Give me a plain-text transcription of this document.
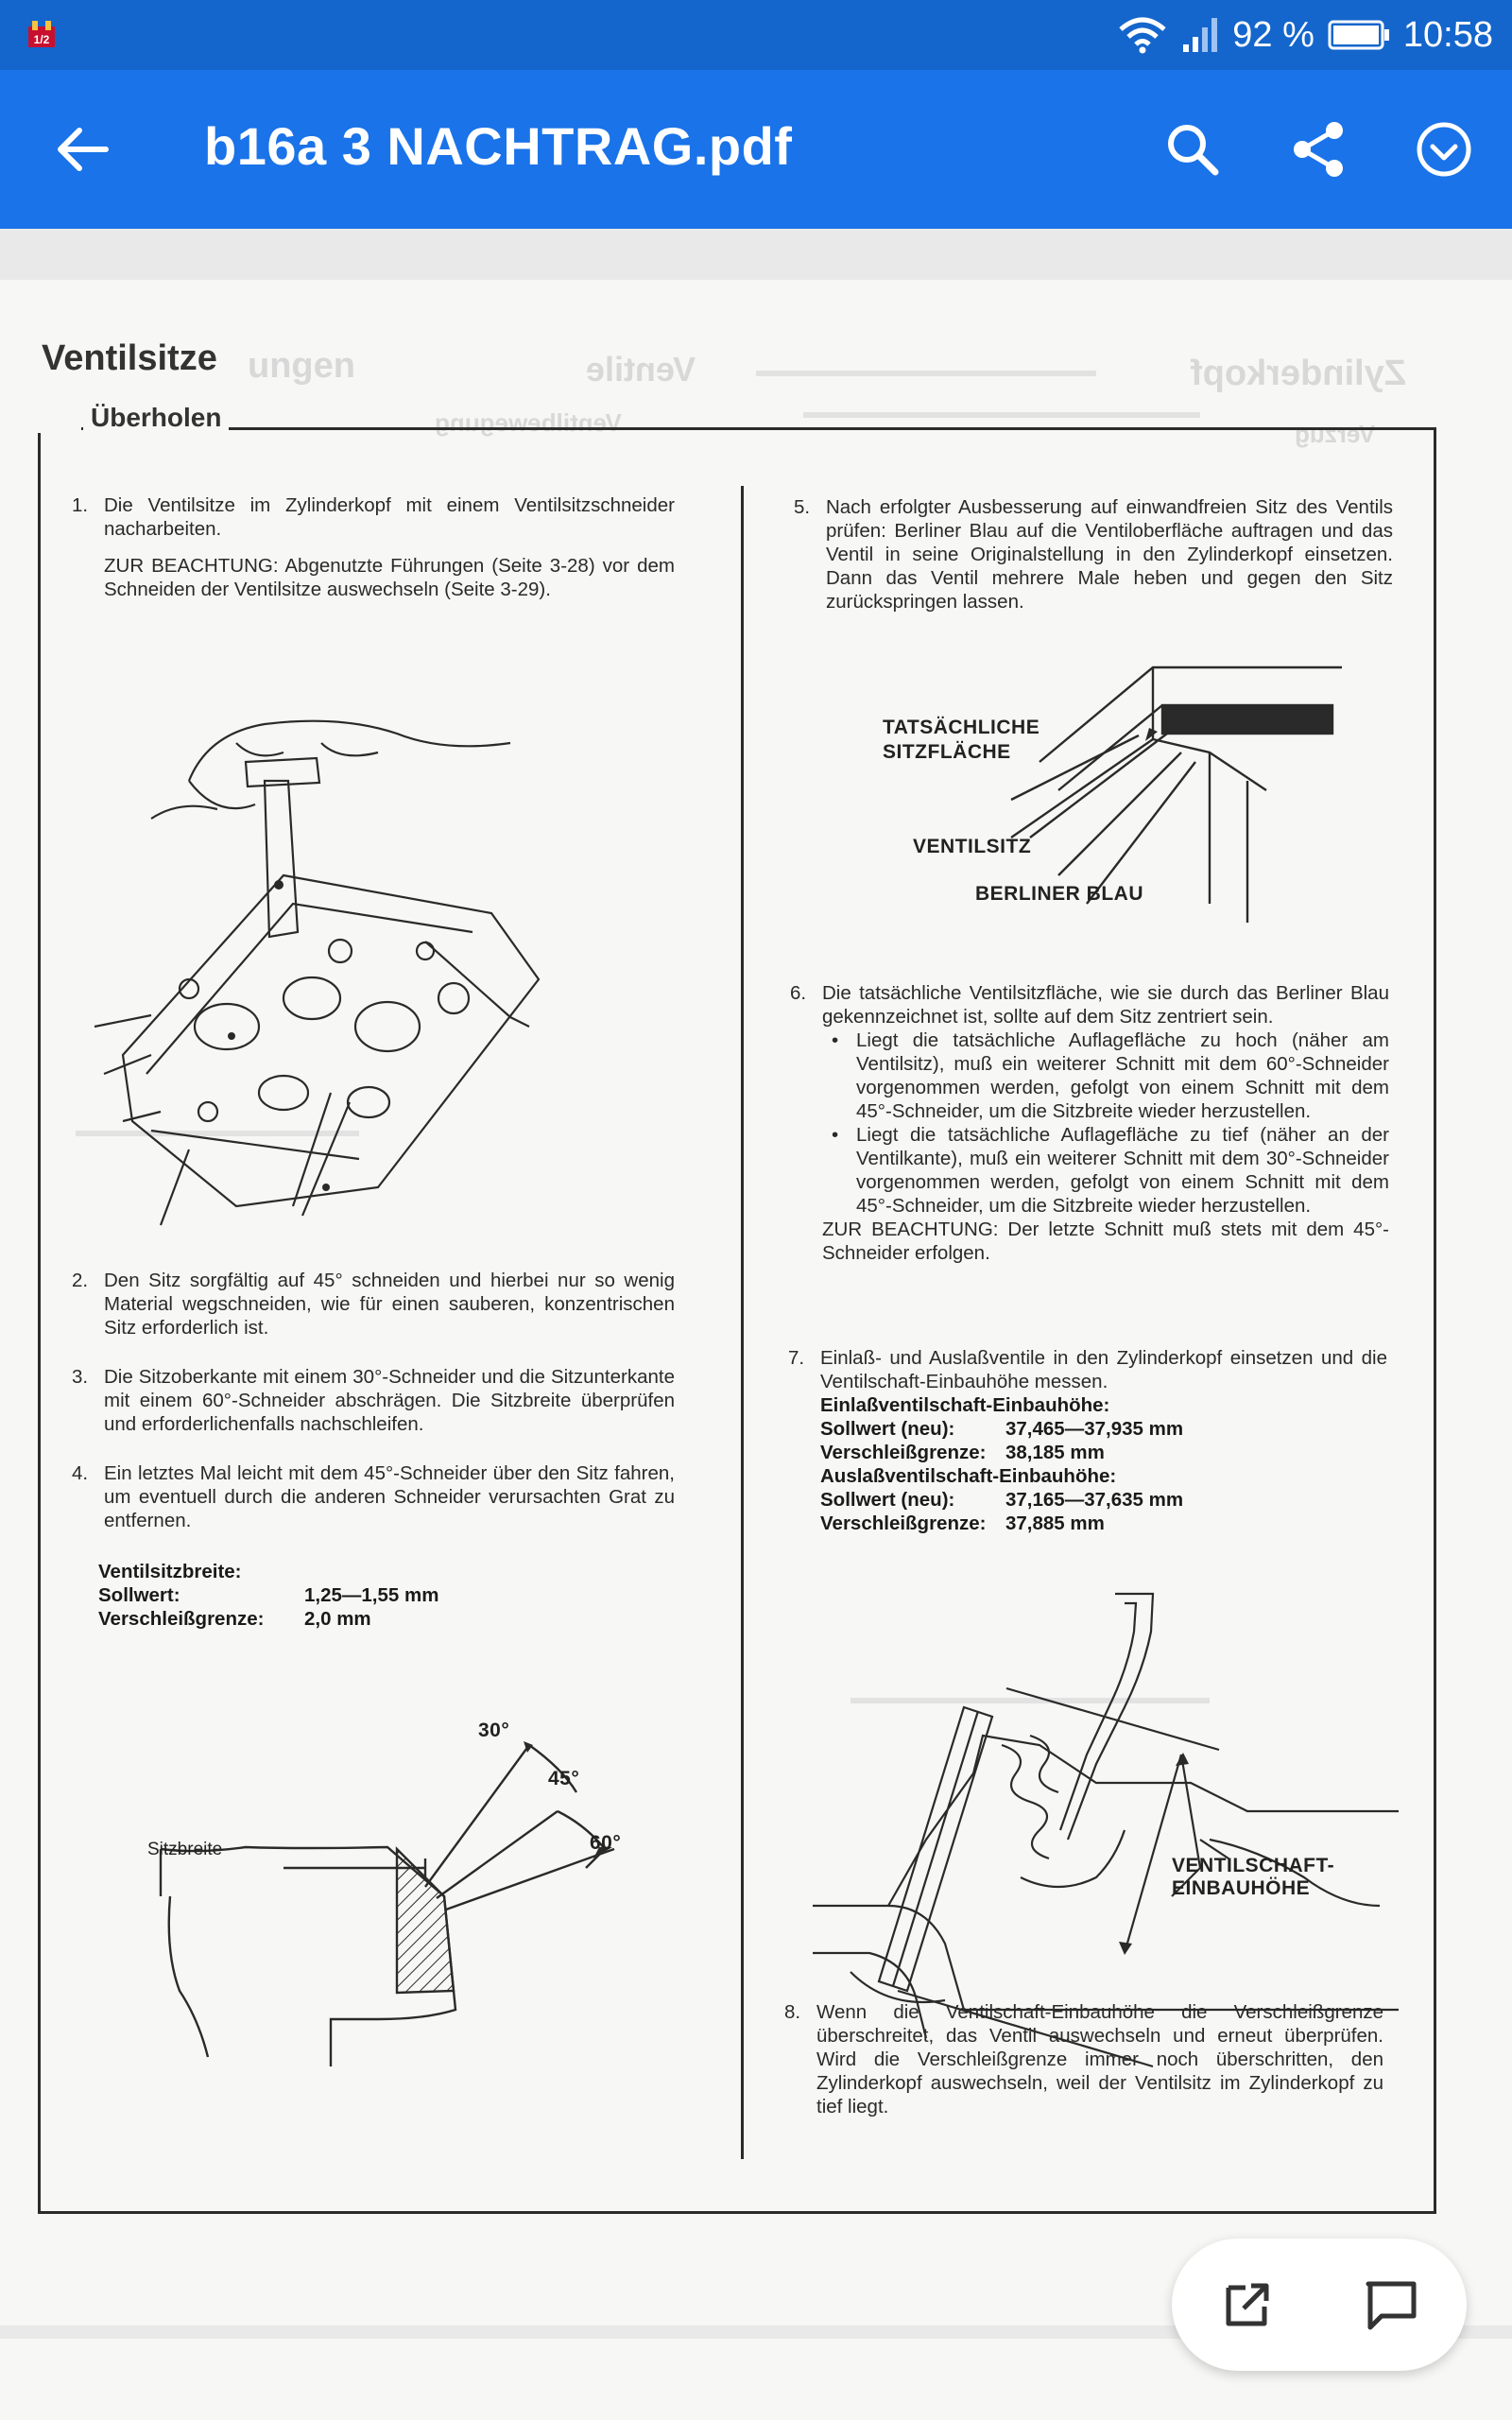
1/2	92 % 10:58
b16a 3 NACHTRAG.pdf
ungen	Ventile	Zylinderkopf
Ventilbewegung	Verzug
Ventilsitze
Überholen
1. Die Ventilsitze im Zylinderkopf mit einem Ventilsitzschneider nacharbeiten.

ZUR BEACHTUNG: Abgenutzte Führungen (Seite 3-28) vor dem Schneiden der Ventilsitze auswechseln (Seite 3-29).

2. Den Sitz sorgfältig auf 45° schneiden und hierbei nur so wenig Material wegschneiden, wie für einen sauberen, konzentrischen Sitz erforderlich ist.

3. Die Sitzoberkante mit einem 30°-Schneider und die Sitzunterkante mit einem 60°-Schneider abschrägen. Die Sitzbreite überprüfen und erforderlichenfalls nachschleifen.

4. Ein letztes Mal leicht mit dem 45°-Schneider über den Sitz fahren, um eventuell durch die anderen Schneider verursachten Grat zu entfernen.

Ventilsitzbreite:
Sollwert:	1,25—1,55 mm
Verschleißgrenze:	2,0 mm
30°
45°
60°
Sitzbreite
5. Nach erfolgter Ausbesserung auf einwandfreien Sitz des Ventils prüfen: Berliner Blau auf die Ventiloberfläche auftragen und das Ventil in seine Originalstellung in den Zylinderkopf einsetzen. Dann das Ventil mehrere Male heben und gegen den Sitz zurückspringen lassen.

TATSÄCHLICHE
SITZFLÄCHE
VENTILSITZ
BERLINER BLAU
6. Die tatsächliche Ventilsitzfläche, wie sie durch das Berliner Blau gekennzeichnet ist, sollte auf dem Sitz zentriert sein.

• Liegt die tatsächliche Auflagefläche zu hoch (näher am Ventilsitz), muß ein weiterer Schnitt mit dem 60°-Schneider vorgenommen werden, gefolgt von einem Schnitt mit dem 45°-Schneider, um die Sitzbreite wieder herzustellen.

• Liegt die tatsächliche Auflagefläche zu tief (näher an der Ventilkante), muß ein weiterer Schnitt mit dem 30°-Schneider vorgenommen werden, gefolgt von einem Schnitt mit dem 45°-Schneider, um die Sitzbreite wieder herzustellen.

ZUR BEACHTUNG: Der letzte Schnitt muß stets mit dem 45°-Schneider erfolgen.

7. Einlaß- und Auslaßventile in den Zylinderkopf einsetzen und die Ventilschaft-Einbauhöhe messen.

Einlaßventilschaft-Einbauhöhe:
Sollwert (neu):	37,465—37,935 mm
Verschleißgrenze:	38,185 mm
Auslaßventilschaft-Einbauhöhe:
Sollwert (neu):	37,165—37,635 mm
Verschleißgrenze:	37,885 mm
VENTILSCHAFT-
EINBAUHÖHE
8. Wenn die Ventilschaft-Einbauhöhe die Verschleißgrenze überschreitet, das Ventil auswechseln und erneut überprüfen. Wird die Verschleißgrenze immer noch überschritten, den Zylinderkopf auswechseln, weil der Ventilsitz im Zylinderkopf zu tief liegt.
